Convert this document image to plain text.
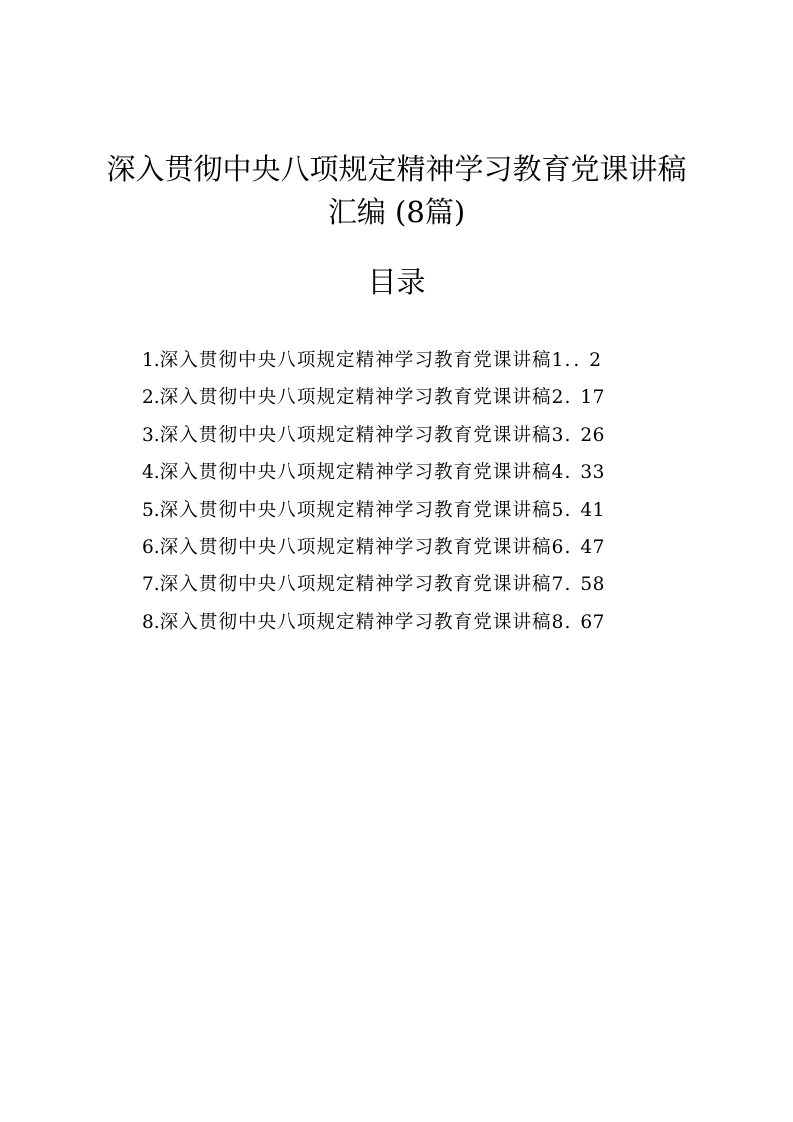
深入贯彻中央八项规定精神学习教育党课讲稿
汇编 (8篇)
目录
1.深入贯彻中央八项规定精神学习教育党课讲稿1.. 2
2.深入贯彻中央八项规定精神学习教育党课讲稿2. 17
3.深入贯彻中央八项规定精神学习教育党课讲稿3. 26
4.深入贯彻中央八项规定精神学习教育党课讲稿4. 33
5.深入贯彻中央八项规定精神学习教育党课讲稿5. 41
6.深入贯彻中央八项规定精神学习教育党课讲稿6. 47
7.深入贯彻中央八项规定精神学习教育党课讲稿7. 58
8.深入贯彻中央八项规定精神学习教育党课讲稿8. 67
